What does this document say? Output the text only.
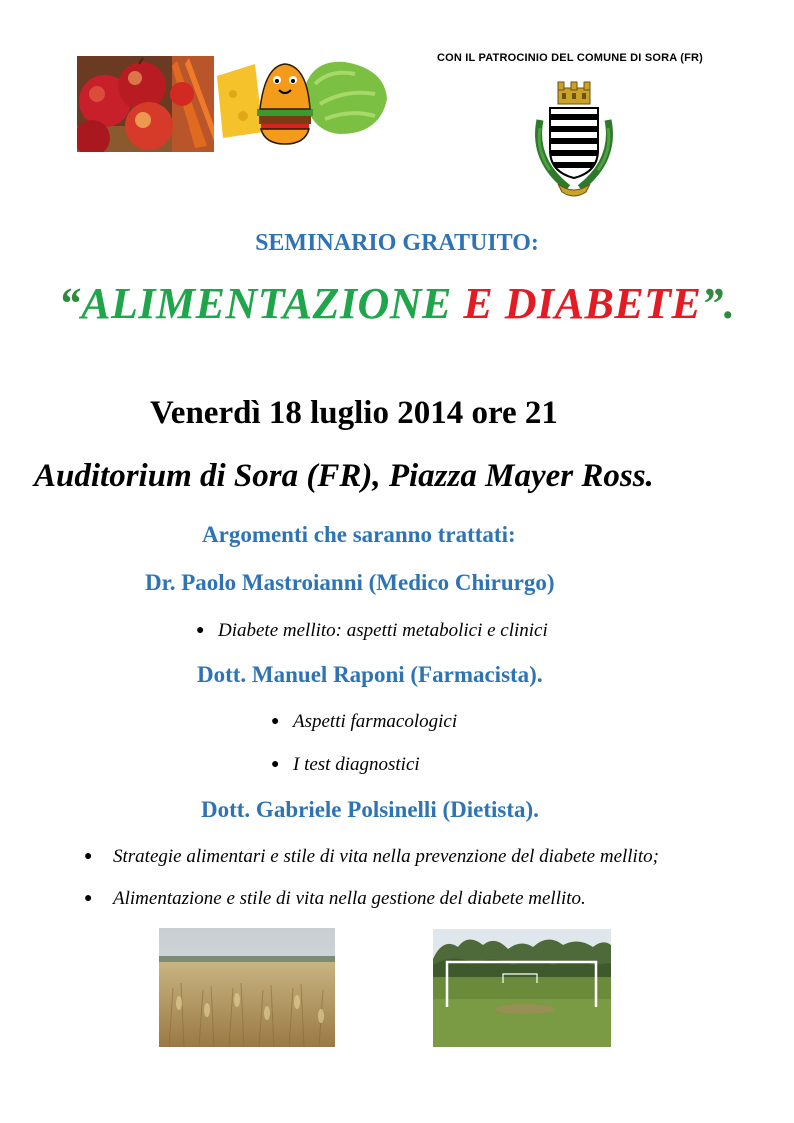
CON IL PATROCINIO DEL COMUNE DI SORA (FR)
SEMINARIO GRATUITO:
“ALIMENTAZIONE E DIABETE”.
Venerdì 18 luglio 2014 ore 21
Auditorium di Sora (FR), Piazza Mayer Ross.
Argomenti che saranno trattati:
Dr. Paolo Mastroianni (Medico Chirurgo)
● Diabete mellito: aspetti metabolici e clinici
Dott. Manuel Raponi (Farmacista).
● Aspetti farmacologici
● I test diagnostici
Dott. Gabriele Polsinelli (Dietista).
● Strategie alimentari e stile di vita nella prevenzione del diabete mellito;
● Alimentazione e stile di vita nella gestione del diabete mellito.
